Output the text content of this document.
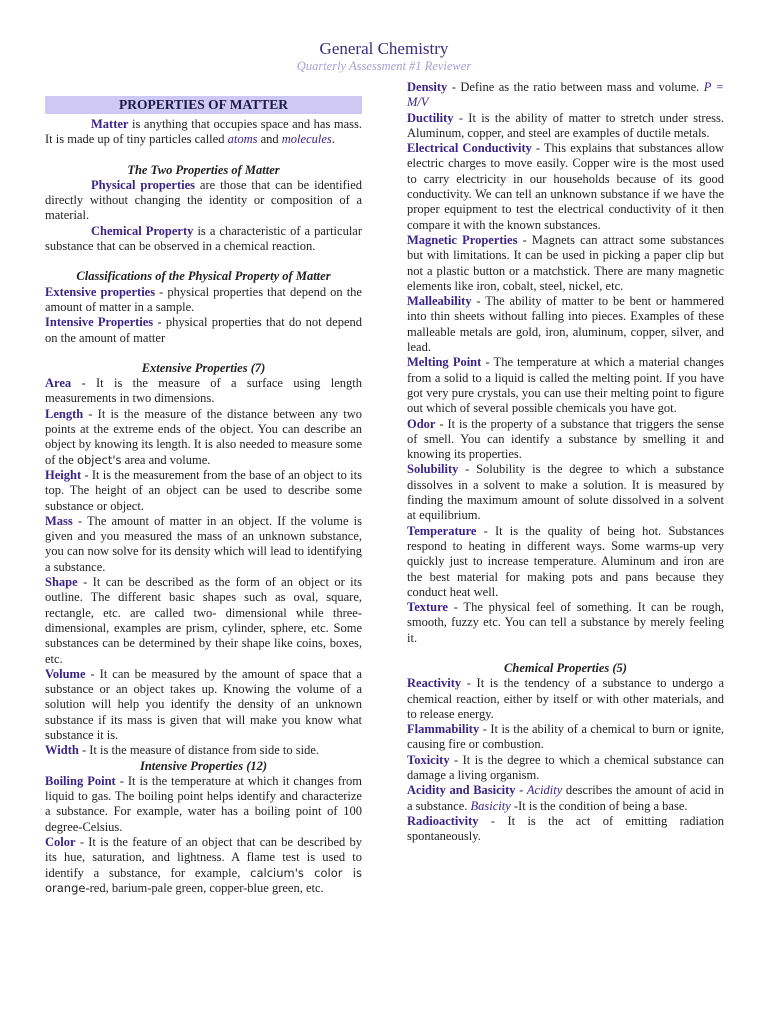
General Chemistry
Quarterly Assessment #1 Reviewer
PROPERTIES OF MATTER

Matter is anything that occupies space and has mass. It is made up of tiny particles called atoms and molecules.

The Two Properties of Matter

Physical properties are those that can be identified directly without changing the identity or composition of a material.

Chemical Property is a characteristic of a particular substance that can be observed in a chemical reaction.

Classifications of the Physical Property of Matter

Extensive properties - physical properties that depend on the amount of matter in a sample.

Intensive Properties - physical properties that do not depend on the amount of matter

Extensive Properties (7)

Area - It is the measure of a surface using length measurements in two dimensions.

Length - It is the measure of the distance between any two points at the extreme ends of the object. You can describe an object by knowing its length. It is also needed to measure some of the object's area and volume.

Height - It is the measurement from the base of an object to its top. The height of an object can be used to describe some substance or object.

Mass - The amount of matter in an object. If the volume is given and you measured the mass of an unknown substance, you can now solve for its density which will lead to identifying a substance.

Shape - It can be described as the form of an object or its outline. The different basic shapes such as oval, square, rectangle, etc. are called two- dimensional while three-dimensional, examples are prism, cylinder, sphere, etc. Some substances can be determined by their shape like coins, boxes, etc.

Volume - It can be measured by the amount of space that a substance or an object takes up. Knowing the volume of a solution will help you identify the density of an unknown substance if its mass is given that will make you know what substance it is.

Width - It is the measure of distance from side to side.

Intensive Properties (12)

Boiling Point - It is the temperature at which it changes from liquid to gas. The boiling point helps identify and characterize a substance. For example, water has a boiling point of 100 degree-Celsius.

Color - It is the feature of an object that can be described by its hue, saturation, and lightness. A flame test is used to identify a substance, for example, calcium's color is orange-red, barium-pale green, copper-blue green, etc.

Density - Define as the ratio between mass and volume. P = M/V

Ductility - It is the ability of matter to stretch under stress. Aluminum, copper, and steel are examples of ductile metals.

Electrical Conductivity - This explains that substances allow electric charges to move easily. Copper wire is the most used to carry electricity in our households because of its good conductivity. We can tell an unknown substance if we have the proper equipment to test the electrical conductivity of it then compare it with the known substances.

Magnetic Properties - Magnets can attract some substances but with limitations. It can be used in picking a paper clip but not a plastic button or a matchstick. There are many magnetic elements like iron, cobalt, steel, nickel, etc.

Malleability - The ability of matter to be bent or hammered into thin sheets without falling into pieces. Examples of these malleable metals are gold, iron, aluminum, copper, silver, and lead.

Melting Point - The temperature at which a material changes from a solid to a liquid is called the melting point. If you have got very pure crystals, you can use their melting point to figure out which of several possible chemicals you have got.

Odor - It is the property of a substance that triggers the sense of smell. You can identify a substance by smelling it and knowing its properties.

Solubility - Solubility is the degree to which a substance dissolves in a solvent to make a solution. It is measured by finding the maximum amount of solute dissolved in a solvent at equilibrium.

Temperature - It is the quality of being hot. Substances respond to heating in different ways. Some warms-up very quickly just to increase temperature. Aluminum and iron are the best material for making pots and pans because they conduct heat well.

Texture - The physical feel of something. It can be rough, smooth, fuzzy etc. You can tell a substance by merely feeling it.

Chemical Properties (5)

Reactivity - It is the tendency of a substance to undergo a chemical reaction, either by itself or with other materials, and to release energy.

Flammability - It is the ability of a chemical to burn or ignite, causing fire or combustion.

Toxicity - It is the degree to which a chemical substance can damage a living organism.

Acidity and Basicity - Acidity describes the amount of acid in a substance. Basicity -It is the condition of being a base.

Radioactivity - It is the act of emitting radiation spontaneously.
